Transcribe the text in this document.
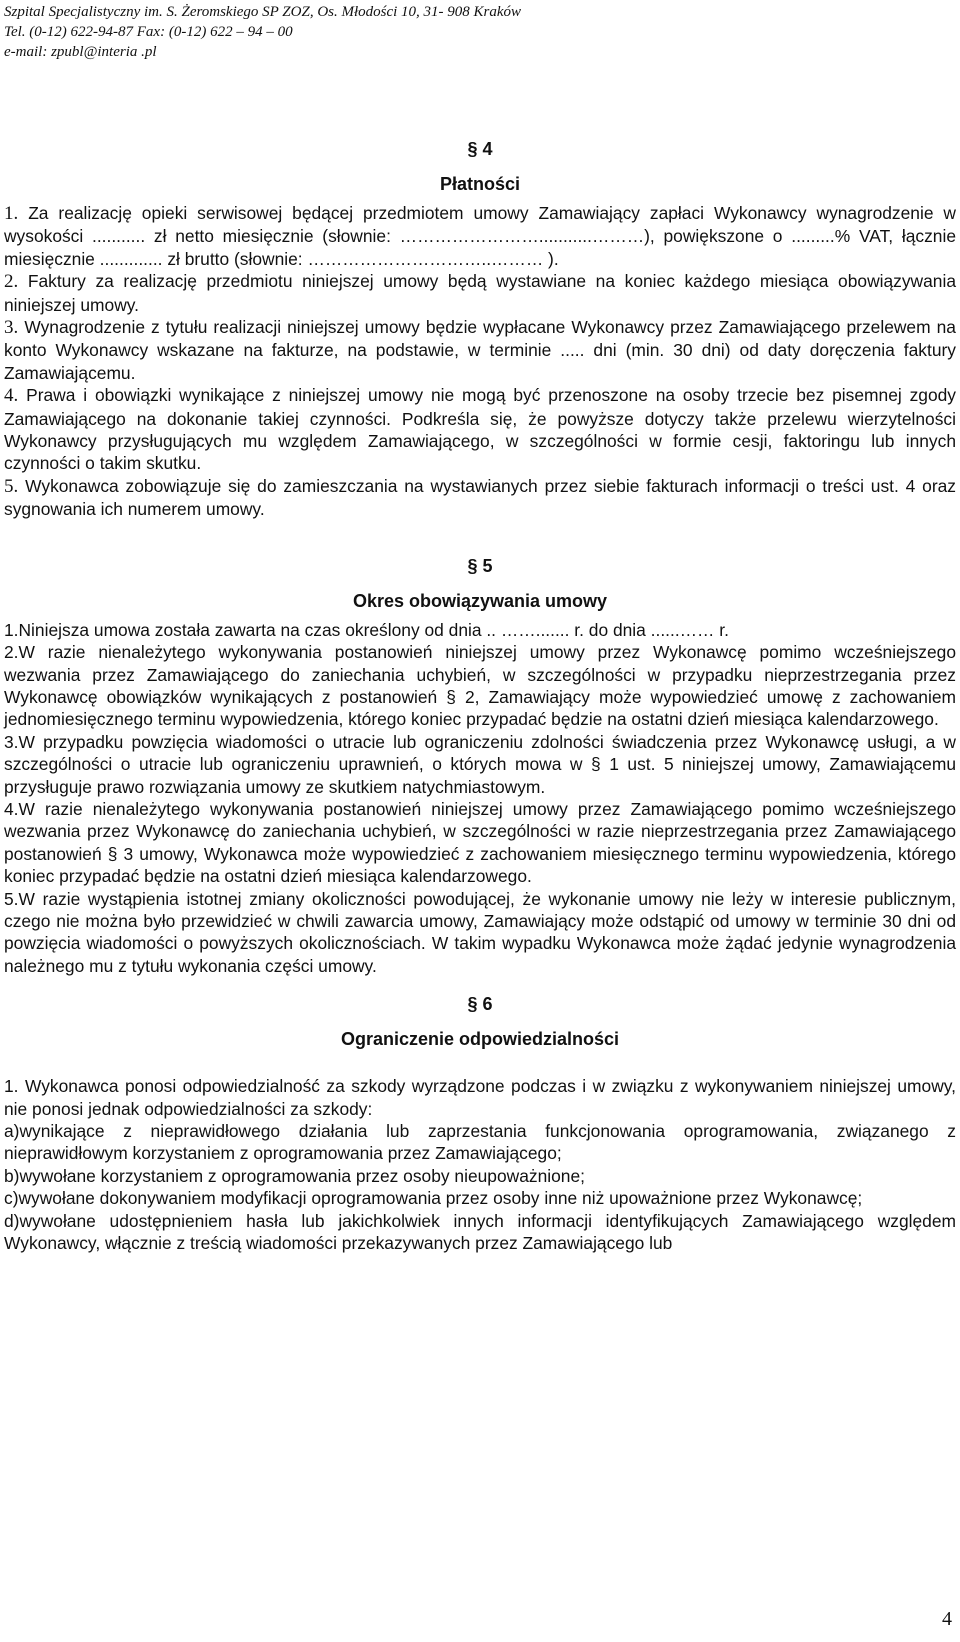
Szpital Specjalistyczny im. S. Żeromskiego SP ZOZ, Os. Młodości 10, 31- 908 Kraków
Tel. (0-12) 622-94-87 Fax: (0-12) 622 – 94 – 00
e-mail: zpubl@interia .pl
§ 4
Płatności

1. Za realizację opieki serwisowej będącej przedmiotem umowy Zamawiający zapłaci Wykonawcy wynagrodzenie w wysokości ........... zł netto miesięcznie (słownie: ……………………...........………), powiększone o .........% VAT, łącznie miesięcznie ............. zł brutto (słownie: …………………………..……… ).

2. Faktury za realizację przedmiotu niniejszej umowy będą wystawiane na koniec każdego miesiąca obowiązywania niniejszej umowy.

3. Wynagrodzenie z tytułu realizacji niniejszej umowy będzie wypłacane Wykonawcy przez Zamawiającego przelewem na konto Wykonawcy wskazane na fakturze, na podstawie, w terminie ..... dni (min. 30 dni) od daty doręczenia faktury Zamawiającemu.

4. Prawa i obowiązki wynikające z niniejszej umowy nie mogą być przenoszone na osoby trzecie bez pisemnej zgody Zamawiającego na dokonanie takiej czynności. Podkreśla się, że powyższe dotyczy także przelewu wierzytelności Wykonawcy przysługujących mu względem Zamawiającego, w szczególności w formie cesji, faktoringu lub innych czynności o takim skutku.

5. Wykonawca zobowiązuje się do zamieszczania na wystawianych przez siebie fakturach informacji o treści ust. 4 oraz sygnowania ich numerem umowy.

§ 5
Okres obowiązywania umowy

1.Niniejsza umowa została zawarta na czas określony od dnia .. ……....... r. do dnia ......…… r.

2.W razie nienależytego wykonywania postanowień niniejszej umowy przez Wykonawcę pomimo wcześniejszego wezwania przez Zamawiającego do zaniechania uchybień, w szczególności w przypadku nieprzestrzegania przez Wykonawcę obowiązków wynikających z postanowień § 2, Zamawiający może wypowiedzieć umowę z zachowaniem jednomiesięcznego terminu wypowiedzenia, którego koniec przypadać będzie na ostatni dzień miesiąca kalendarzowego.

3.W przypadku powzięcia wiadomości o utracie lub ograniczeniu zdolności świadczenia przez Wykonawcę usługi, a w szczególności o utracie lub ograniczeniu uprawnień, o których mowa w § 1 ust. 5 niniejszej umowy, Zamawiającemu przysługuje prawo rozwiązania umowy ze skutkiem natychmiastowym.

4.W razie nienależytego wykonywania postanowień niniejszej umowy przez Zamawiającego pomimo wcześniejszego wezwania przez Wykonawcę do zaniechania uchybień, w szczególności w razie nieprzestrzegania przez Zamawiającego postanowień § 3 umowy, Wykonawca może wypowiedzieć z zachowaniem miesięcznego terminu wypowiedzenia, którego koniec przypadać będzie na ostatni dzień miesiąca kalendarzowego.

5.W razie wystąpienia istotnej zmiany okoliczności powodującej, że wykonanie umowy nie leży w interesie publicznym, czego nie można było przewidzieć w chwili zawarcia umowy, Zamawiający może odstąpić od umowy w terminie 30 dni od powzięcia wiadomości o powyższych okolicznościach. W takim wypadku Wykonawca może żądać jedynie wynagrodzenia należnego mu z tytułu wykonania części umowy.

§ 6
Ograniczenie odpowiedzialności

1. Wykonawca ponosi odpowiedzialność za szkody wyrządzone podczas i w związku z wykonywaniem niniejszej umowy, nie ponosi jednak odpowiedzialności za szkody:

a)wynikające z nieprawidłowego działania lub zaprzestania funkcjonowania oprogramowania, związanego z nieprawidłowym korzystaniem z oprogramowania przez Zamawiającego;

b)wywołane korzystaniem z oprogramowania przez osoby nieupoważnione;

c)wywołane dokonywaniem modyfikacji oprogramowania przez osoby inne niż upoważnione przez Wykonawcę;

d)wywołane udostępnieniem hasła lub jakichkolwiek innych informacji identyfikujących Zamawiającego względem Wykonawcy, włącznie z treścią wiadomości przekazywanych przez Zamawiającego lub

4
